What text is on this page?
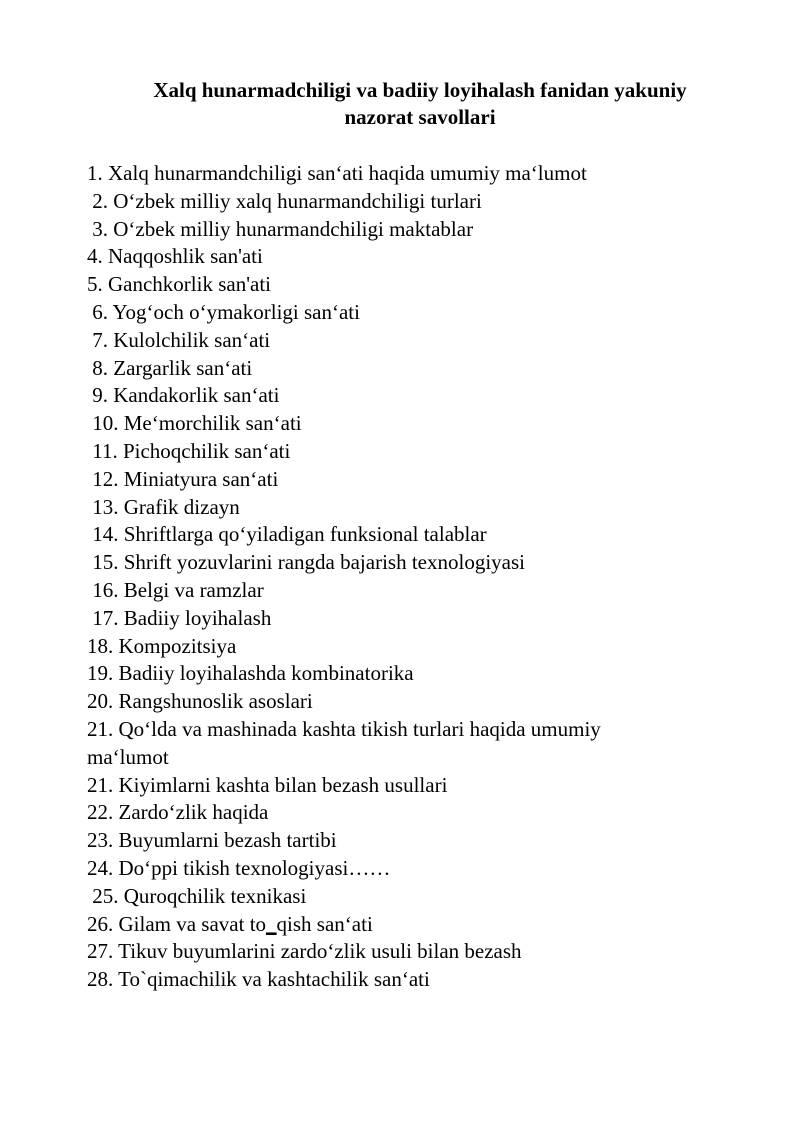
Xalq hunarmadchiligi va badiiy loyihalash fanidan yakuniy
nazorat savollari
1. Xalq hunarmandchiligi san‘ati haqida umumiy ma‘lumot
2. O‘zbek milliy xalq hunarmandchiligi turlari
3. O‘zbek milliy hunarmandchiligi maktablar
4. Naqqoshlik san'ati
5. Ganchkorlik san'ati
6. Yog‘och o‘ymakorligi san‘ati
7. Kulolchilik san‘ati
8. Zargarlik san‘ati
9. Kandakorlik san‘ati
10. Me‘morchilik san‘ati
11. Pichoqchilik san‘ati
12. Miniatyura san‘ati
13. Grafik dizayn
14. Shriftlarga qo‘yiladigan funksional talablar
15. Shrift yozuvlarini rangda bajarish texnologiyasi
16. Belgi va ramzlar
17. Badiiy loyihalash
18. Kompozitsiya
19. Badiiy loyihalashda kombinatorika
20. Rangshunoslik asoslari
21. Qo‘lda va mashinada kashta tikish turlari haqida umumiy
ma‘lumot
21. Kiyimlarni kashta bilan bezash usullari
22. Zardo‘zlik haqida
23. Buyumlarni bezash tartibi
24. Do‘ppi tikish texnologiyasi……
25. Quroqchilik texnikasi
26. Gilam va savat to_qish san‘ati
27. Tikuv buyumlarini zardo‘zlik usuli bilan bezash
28. To`qimachilik va kashtachilik san‘ati
